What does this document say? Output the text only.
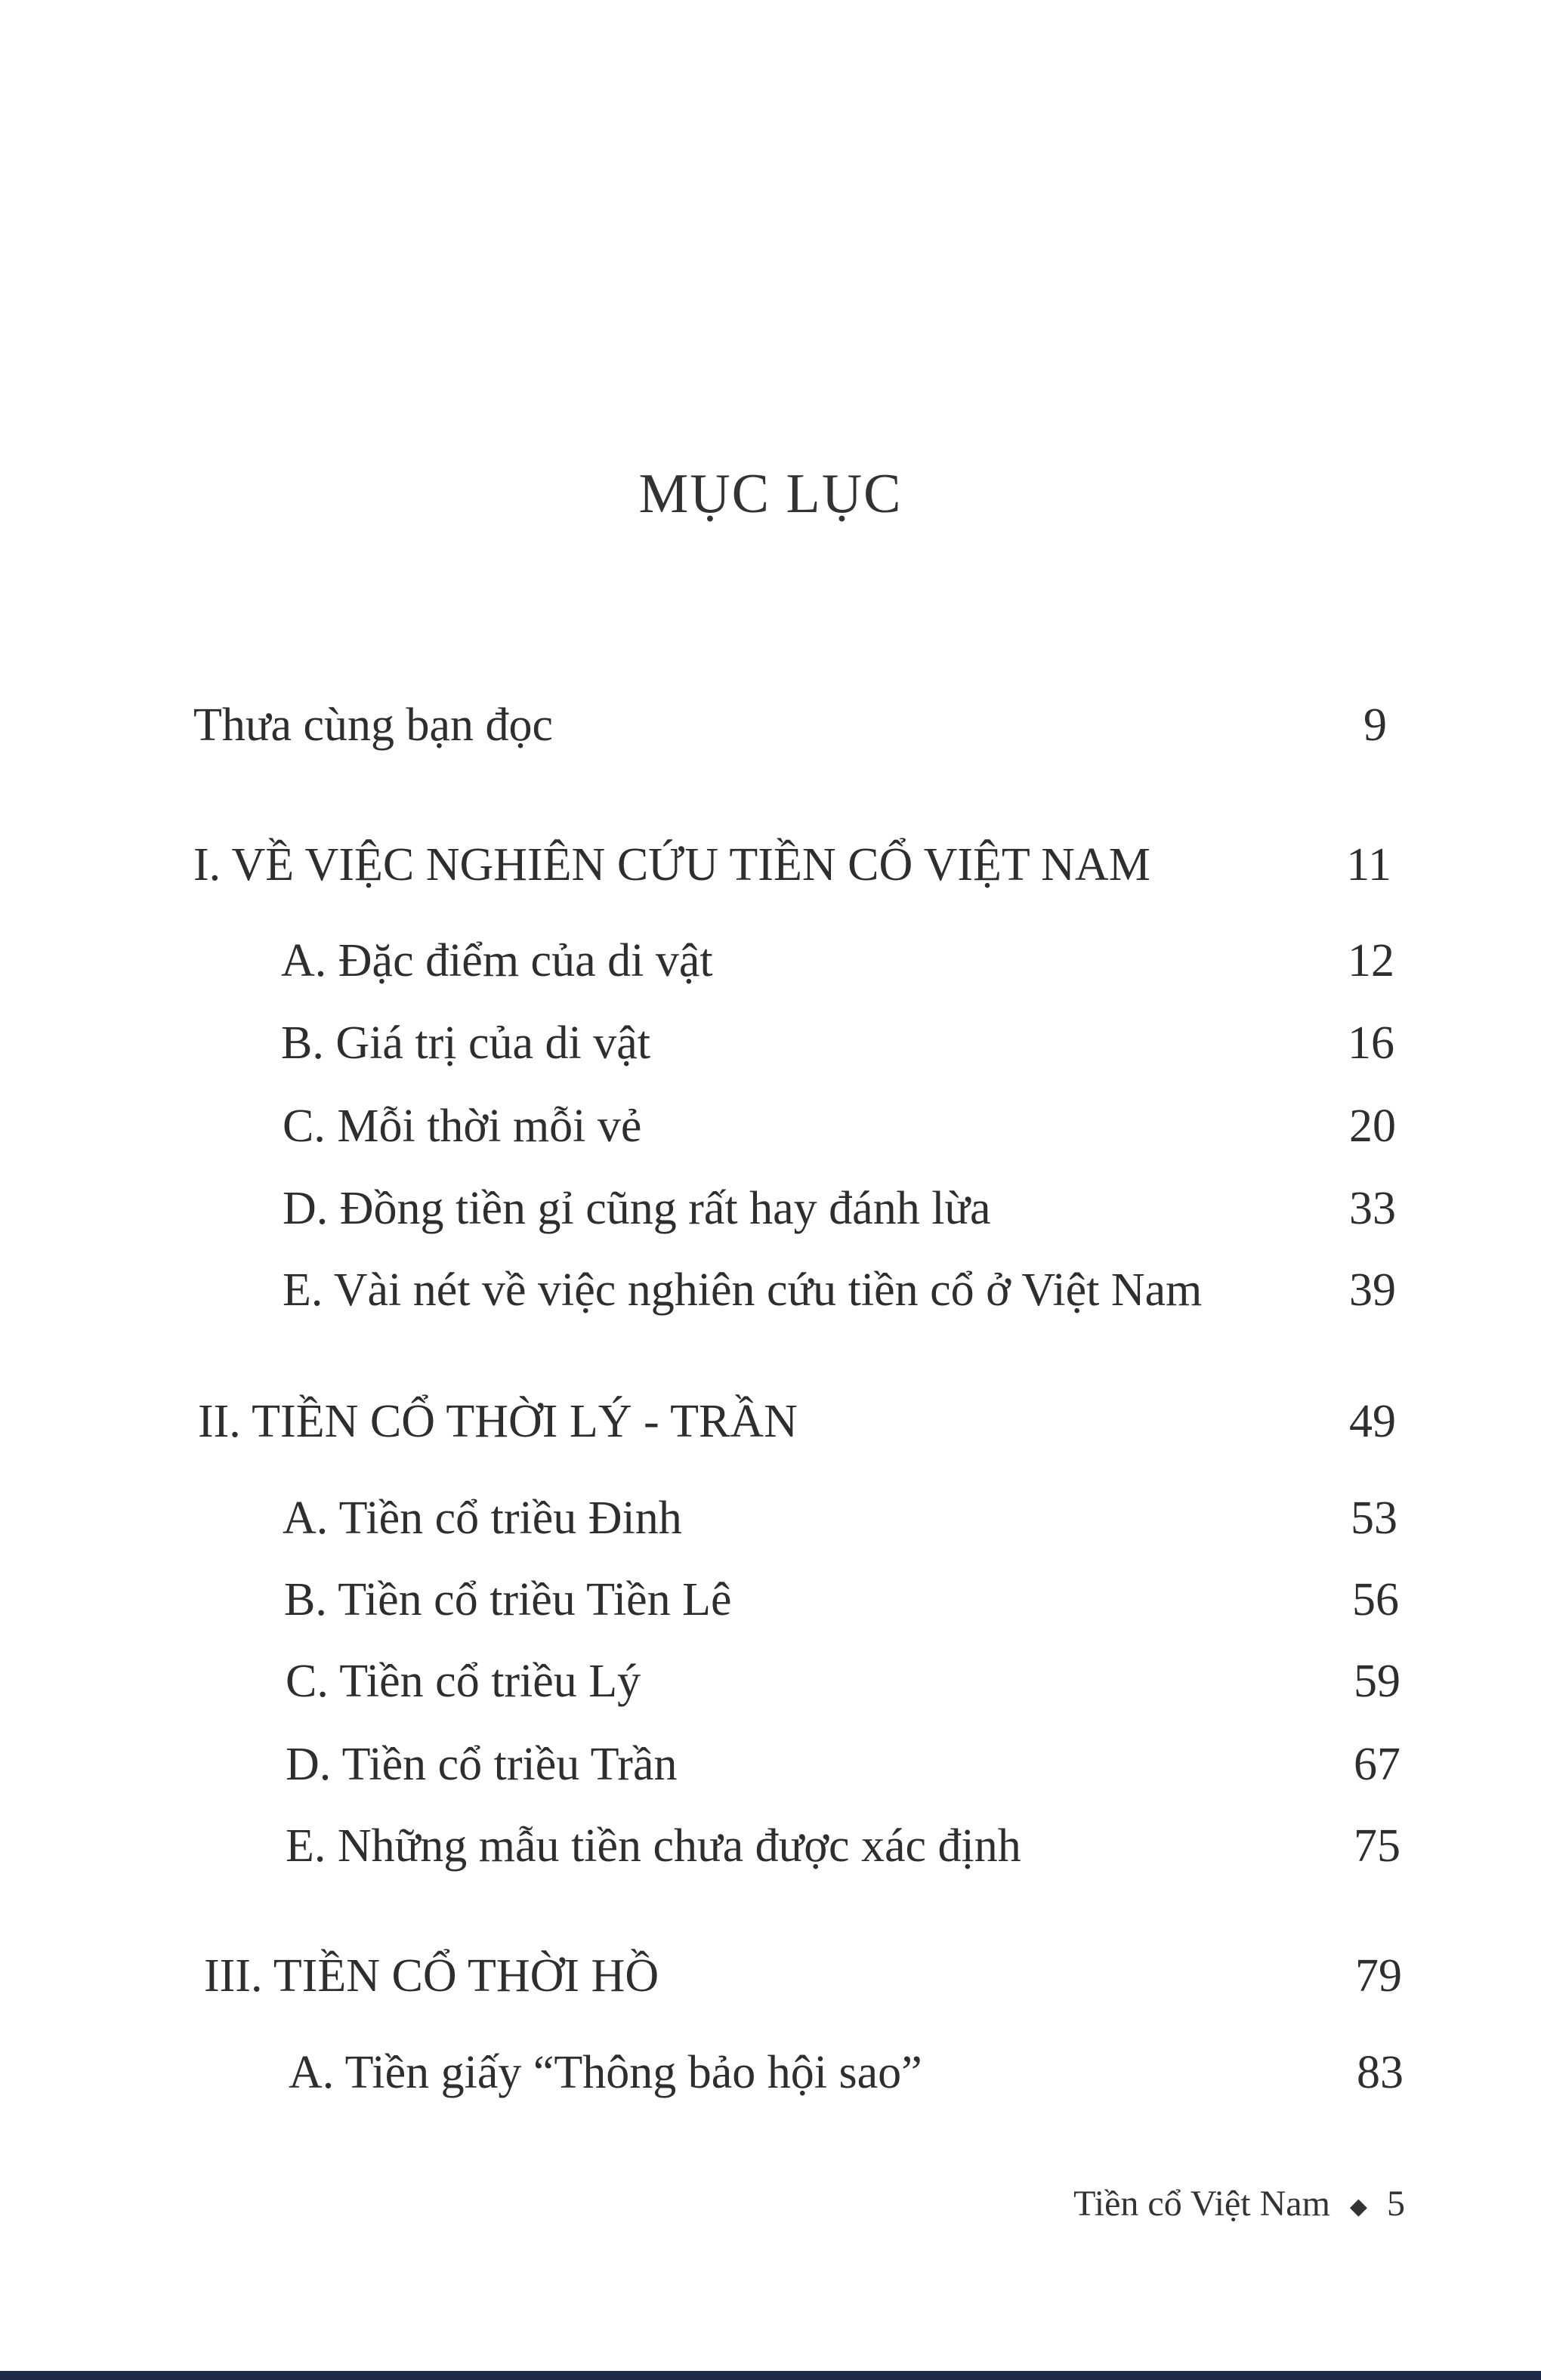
MỤC LỤC
Thưa cùng bạn đọc	9
I. VỀ VIỆC NGHIÊN CỨU TIỀN CỔ VIỆT NAM	11
A. Đặc điểm của di vật	12
B. Giá trị của di vật	16
C. Mỗi thời mỗi vẻ	20
D. Đồng tiền gỉ cũng rất hay đánh lừa	33
E. Vài nét về việc nghiên cứu tiền cổ ở Việt Nam	39
II. TIỀN CỔ THỜI LÝ - TRẦN	49
A. Tiền cổ triều Đinh	53
B. Tiền cổ triều Tiền Lê	56
C. Tiền cổ triều Lý	59
D. Tiền cổ triều Trần	67
E. Những mẫu tiền chưa được xác định	75
III. TIỀN CỔ THỜI HỒ	79
A. Tiền giấy “Thông bảo hội sao”	83
Tiền cổ Việt Nam ◆ 5
